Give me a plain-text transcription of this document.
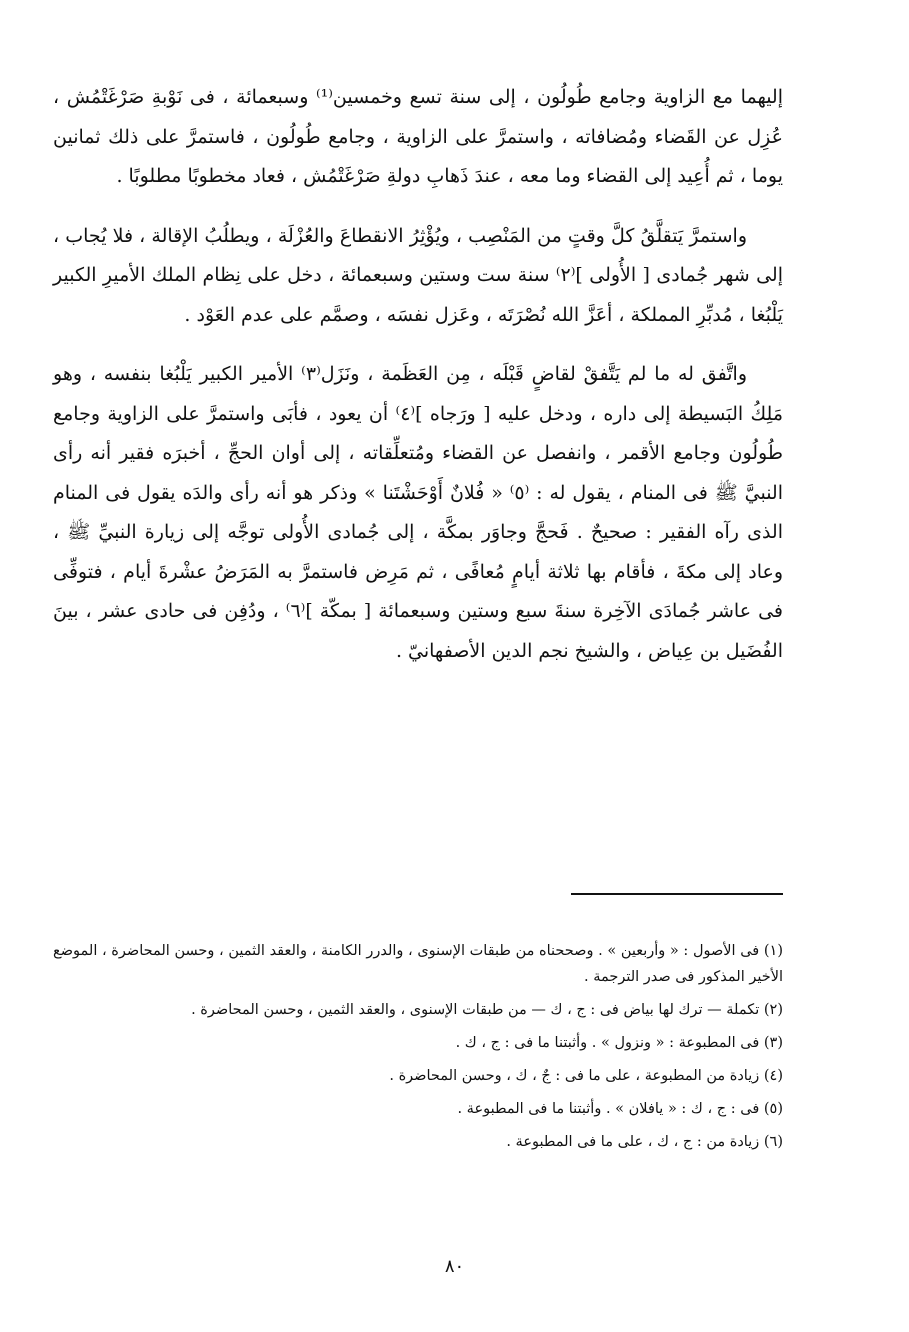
إليهما مع الزاوية وجامع طُولُون ، إلى سنة تسع وخمسين⁽¹⁾ وسبعمائة ، فى نَوْبةِ صَرْغَتْمُش ، عُزِل عن القَضاء ومُضافاته ، واستمرَّ على الزاوية ، وجامع طُولُون ، فاستمرَّ على ذلك ثمانين يوما ، ثم أُعِيد إلى القضاء وما معه ، عندَ ذَهابِ دولةِ صَرْغَتْمُش ، فعاد مخطوبًا مطلوبًا .

واستمرَّ يَتقلَّقُ كلَّ وقتٍ من المَنْصِب ، ويُؤْثِرُ الانقطاعَ والعُزْلَة ، ويطلُبُ الإقالة ، فلا يُجاب ، إلى شهر جُمادى [ الأُولى ]⁽٢⁾ سنة ست وستين وسبعمائة ، دخل على نِظام الملك الأميرِ الكبير يَلْبُغا ، مُدبِّرِ المملكة ، أعَزَّ الله نُصْرَتَه ، وعَزل نفسَه ، وصمَّم على عدم العَوْد .

واتَّفق له ما لم يَتَّفقْ لقاضٍ قَبْلَه ، مِن العَظَمة ، ونَزَل⁽٣⁾ الأمير الكبير يَلْبُغا بنفسه ، وهو مَلِكُ البَسيطة إلى داره ، ودخل عليه [ ورَجاه ]⁽٤⁾ أن يعود ، فأبَى واستمرَّ على الزاوية وجامع طُولُون وجامع الأقمر ، وانفصل عن القضاء ومُتعلِّقاته ، إلى أوان الحجِّ ، أخبرَه فقير أنه رأى النبيَّ ﷺ فى المنام ، يقول له : ⁽٥⁾ « فُلانٌ أَوْحَشْتَنا » وذكر هو أنه رأى والدَه يقول فى المنام الذى رآه الفقير : صحيحٌ . فَحجَّ وجاوَر بمكَّة ، إلى جُمادى الأُولى توجَّه إلى زيارة النبيِّ ﷺ ، وعاد إلى مكةَ ، فأقام بها ثلاثة أيامٍ مُعافًى ، ثم مَرِض فاستمرَّ به المَرَضُ عشْرةَ أيام ، فتوفِّى فى عاشر جُمادَى الآخِرة سنةَ سبع وستين وسبعمائة [ بمكّة ]⁽٦⁾ ، ودُفِن فى حادى عشر ، بينَ الفُضَيل بن عِياض ، والشيخ نجم الدين الأصفهانيّ .

(١) فى الأصول : « وأربعين » . وصححناه من طبقات الإسنوى ، والدرر الكامنة ، والعقد الثمين ، وحسن المحاضرة ، الموضع الأخير المذكور فى صدر الترجمة .
(٢) تكملة — ترك لها بياض فى : ج ، ك — من طبقات الإسنوى ، والعقد الثمين ، وحسن المحاضرة .
(٣) فى المطبوعة : « ونزول » . وأثبتنا ما فى : ج ، ك .
(٤) زيادة من المطبوعة ، على ما فى : جٌ ، ك ، وحسن المحاضرة .
(٥) فى : ج ، ك : « يافلان » . وأثبتنا ما فى المطبوعة .
(٦) زيادة من : ج ، ك ، على ما فى المطبوعة .
٨٠
